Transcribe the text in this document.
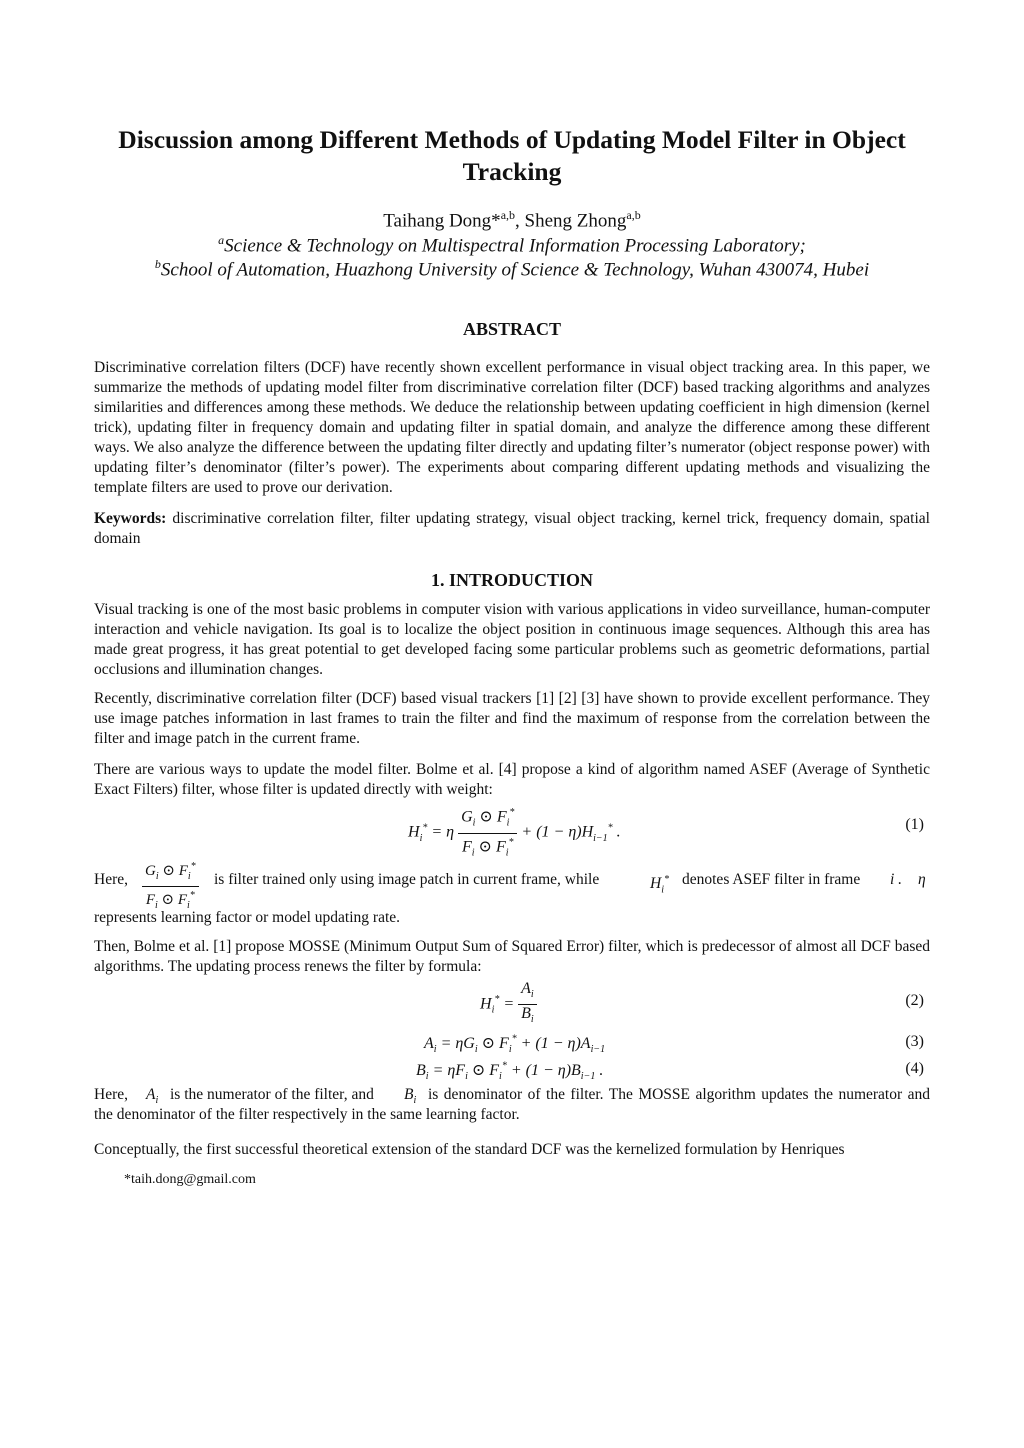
Discussion among Different Methods of Updating Model Filter in Object Tracking
Taihang Dong*$^{a,b}$, Sheng Zhong$^{a,b}$
$^a$Science & Technology on Multispectral Information Processing Laboratory;
$^b$School of Automation, Huazhong University of Science & Technology, Wuhan 430074, Hubei
ABSTRACT
Discriminative correlation filters (DCF) have recently shown excellent performance in visual object tracking area. In this paper, we summarize the methods of updating model filter from discriminative correlation filter (DCF) based tracking algorithms and analyzes similarities and differences among these methods. We deduce the relationship between updating coefficient in high dimension (kernel trick), updating filter in frequency domain and updating filter in spatial domain, and analyze the difference among these different ways. We also analyze the difference between the updating filter directly and updating filter’s numerator (object response power) with updating filter’s denominator (filter’s power). The experiments about comparing different updating methods and visualizing the template filters are used to prove our derivation.
Keywords: discriminative correlation filter, filter updating strategy, visual object tracking, kernel trick, frequency domain, spatial domain
1. INTRODUCTION
Visual tracking is one of the most basic problems in computer vision with various applications in video surveillance, human-computer interaction and vehicle navigation. Its goal is to localize the object position in continuous image sequences. Although this area has made great progress, it has great potential to get developed facing some particular problems such as geometric deformations, partial occlusions and illumination changes.
Recently, discriminative correlation filter (DCF) based visual trackers [1] [2] [3] have shown to provide excellent performance. They use image patches information in last frames to train the filter and find the maximum of response from the correlation between the filter and image patch in the current frame.
There are various ways to update the model filter. Bolme et al. [4] propose a kind of algorithm named ASEF (Average of Synthetic Exact Filters) filter, whose filter is updated directly with weight:
$H_i^* = \eta \frac{G_i ⊙ F_i^*}{F_i ⊙ F_i^*} + (1 - \eta)H_{i-1}^*$ .	(1)
Here, $\frac{G_i ⊙ F_i^*}{F_i ⊙ F_i^*}$ is filter trained only using image patch in current frame, while	$H_i^*$ denotes ASEF filter in frame i . η
represents learning factor or model updating rate.
Then, Bolme et al. [1] propose MOSSE (Minimum Output Sum of Squared Error) filter, which is predecessor of almost all DCF based algorithms. The updating process renews the filter by formula:
$H_i^* = \frac{A_i}{B_i}$	(2)
$A_i = \eta G_i$ ⊙ $F_i^* + (1 - \eta)A_{i-1}$	(3)
$B_i = \eta F_i$ ⊙ $F_i^* + (1 - \eta)B_{i-1}$ .	(4)
Here, $A_i$ is the numerator of the filter, and $B_i$ is denominator of the filter. The MOSSE algorithm updates the numerator and the denominator of the filter respectively in the same learning factor.
Conceptually, the first successful theoretical extension of the standard DCF was the kernelized formulation by Henriques
*taih.dong@gmail.com
